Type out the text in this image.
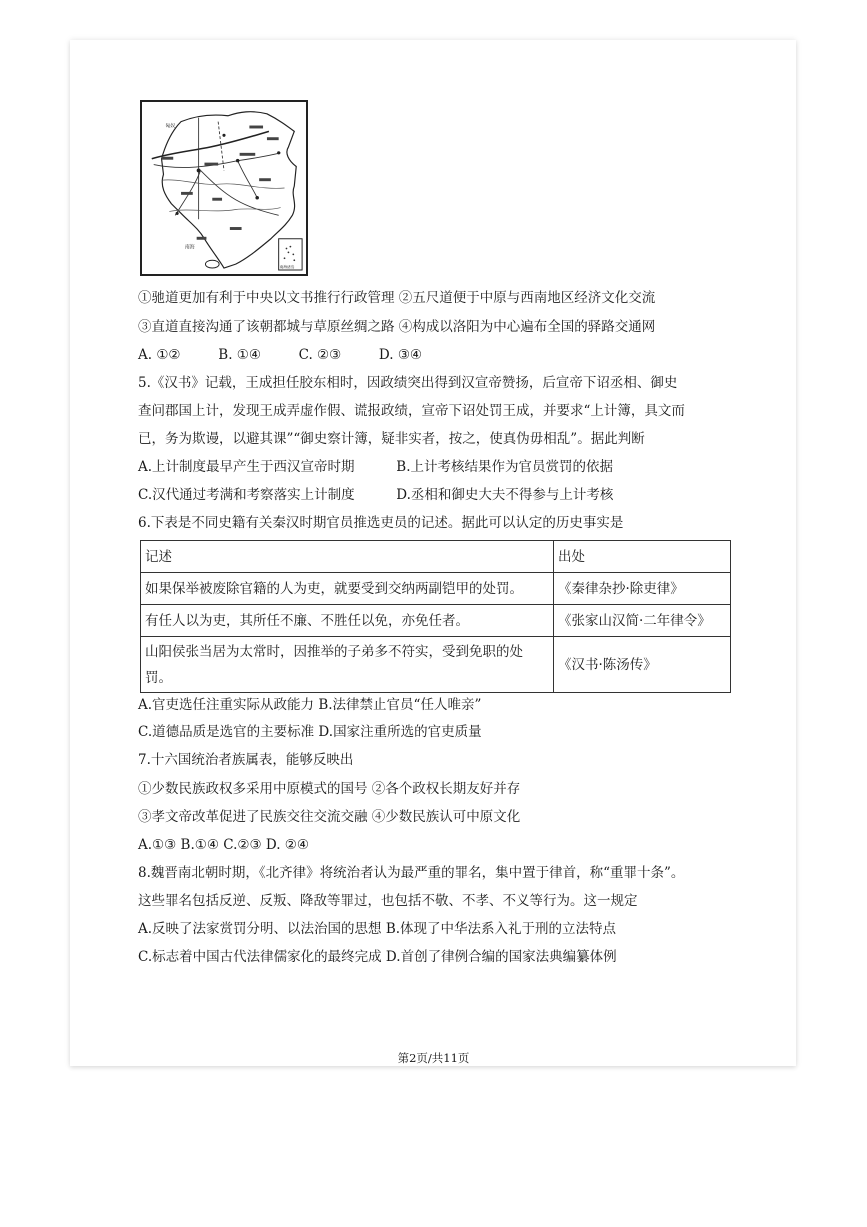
南海
南海诸岛
匈奴
①驰道更加有利于中央以文书推行行政管理 ②五尺道便于中原与西南地区经济文化交流
③直道直接沟通了该朝都城与草原丝绸之路 ④构成以洛阳为中心遍布全国的驿路交通网
A. ①②	B. ①④	C. ②③	D. ③④
5.《汉书》记载，王成担任胶东相时，因政绩突出得到汉宣帝赞扬，后宣帝下诏丞相、御史
查问郡国上计，发现王成弄虚作假、谎报政绩，宣帝下诏处罚王成，并要求“上计簿，具文而
已，务为欺谩，以避其课”“御史察计簿，疑非实者，按之，使真伪毋相乱”。据此判断
A.上计制度最早产生于西汉宣帝时期	B.上计考核结果作为官员赏罚的依据
C.汉代通过考满和考察落实上计制度	D.丞相和御史大夫不得参与上计考核
6.下表是不同史籍有关秦汉时期官员推选吏员的记述。据此可以认定的历史事实是
记述	出处
如果保举被废除官籍的人为吏，就要受到交纳两副铠甲的处罚。	《秦律杂抄·除吏律》
有任人以为吏，其所任不廉、不胜任以免，亦免任者。	《张家山汉简·二年律令》
山阳侯张当居为太常时，因推举的子弟多不符实，受到免职的处罚。	《汉书·陈汤传》
A.官吏选任注重实际从政能力 B.法律禁止官员“任人唯亲”
C.道德品质是选官的主要标准 D.国家注重所选的官吏质量
7.十六国统治者族属表，能够反映出
①少数民族政权多采用中原模式的国号 ②各个政权长期友好并存
③孝文帝改革促进了民族交往交流交融 ④少数民族认可中原文化
A.①③ B.①④ C.②③ D. ②④
8.魏晋南北朝时期，《北齐律》将统治者认为最严重的罪名，集中置于律首，称“重罪十条”。
这些罪名包括反逆、反叛、降敌等罪过，也包括不敬、不孝、不义等行为。这一规定
A.反映了法家赏罚分明、以法治国的思想 B.体现了中华法系入礼于刑的立法特点
C.标志着中国古代法律儒家化的最终完成 D.首创了律例合编的国家法典编纂体例
第2页/共11页
